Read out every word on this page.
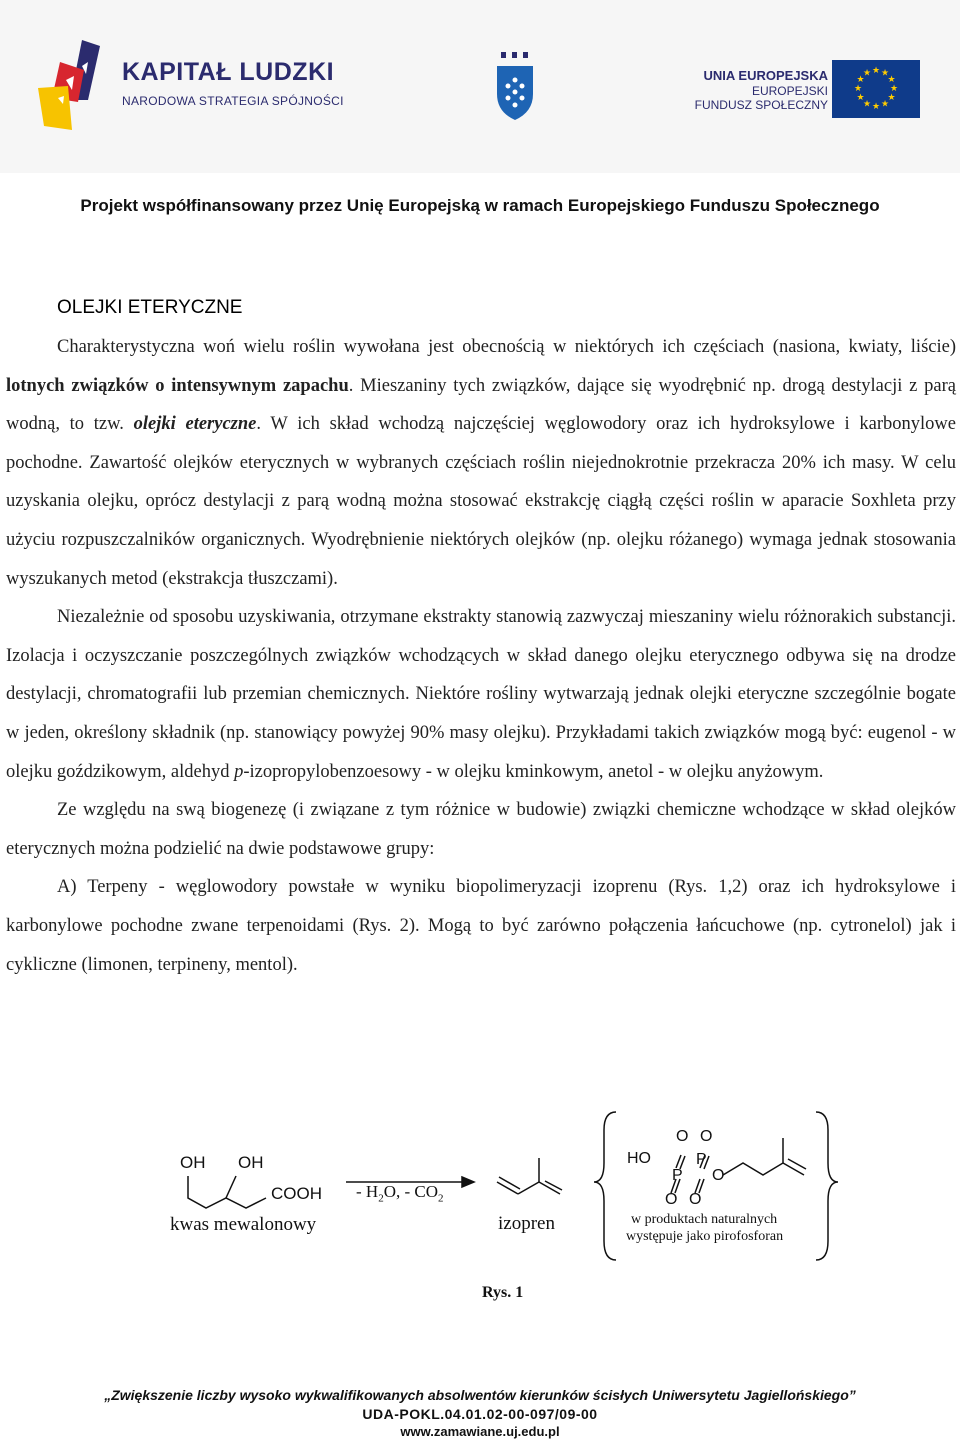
KAPITAŁ LUDZKI
NARODOWA STRATEGIA SPÓJNOŚCI
UNIA EUROPEJSKA
EUROPEJSKI
FUNDUSZ SPOŁECZNY
★ ★
★
★
★
★
★
★
★
★
★
★
Projekt współfinansowany przez Unię Europejską w ramach Europejskiego Funduszu Społecznego
OLEJKI ETERYCZNE

Charakterystyczna woń wielu roślin wywołana jest obecnością w niektórych ich częściach (nasiona, kwiaty, liście) lotnych związków o intensywnym zapachu. Mieszaniny tych związków, dające się wyodrębnić np. drogą destylacji z parą wodną, to tzw. olejki eteryczne. W ich skład wchodzą najczęściej węglowodory oraz ich hydroksylowe i karbonylowe pochodne. Zawartość olejków eterycznych w wybranych częściach roślin niejednokrotnie przekracza 20% ich masy. W celu uzyskania olejku, oprócz destylacji z parą wodną można stosować ekstrakcję ciągłą części roślin w aparacie Soxhleta przy użyciu rozpuszczalników organicznych. Wyodrębnienie niektórych olejków (np. olejku różanego) wymaga jednak stosowania wyszukanych metod (ekstrakcja tłuszczami).

Niezależnie od sposobu uzyskiwania, otrzymane ekstrakty stanowią zazwyczaj mieszaniny wielu różnorakich substancji. Izolacja i oczyszczanie poszczególnych związków wchodzących w skład danego olejku eterycznego odbywa się na drodze destylacji, chromatografii lub przemian chemicznych. Niektóre rośliny wytwarzają jednak olejki eteryczne szczególnie bogate w jeden, określony składnik (np. stanowiący powyżej 90% masy olejku). Przykładami takich związków mogą być: eugenol - w olejku goździkowym, aldehyd p-izopropylobenzoesowy - w olejku kminkowym, anetol - w olejku anyżowym.

Ze względu na swą biogenezę (i związane z tym różnice w budowie) związki chemiczne wchodzące w skład olejków eterycznych można podzielić na dwie podstawowe grupy:

A) Terpeny - węglowodory powstałe w wyniku biopolimeryzacji izoprenu (Rys. 1,2) oraz ich hydroksylowe i karbonylowe pochodne zwane terpenoidami (Rys. 2). Mogą to być zarówno połączenia łańcuchowe (np. cytronelol) jak i cykliczne (limonen, terpineny, mentol).

OH OH
COOH
kwas mewalonowy
- $H_2O$, - $CO_2$
izopren
HO
P
P
O O
O O
O
w produktach naturalnych
występuje jako pirofosforan
Rys. 1
„Zwiększenie liczby wysoko wykwalifikowanych absolwentów kierunków ścisłych Uniwersytetu Jagiellońskiego”
UDA-POKL.04.01.02-00-097/09-00
www.zamawiane.uj.edu.pl
